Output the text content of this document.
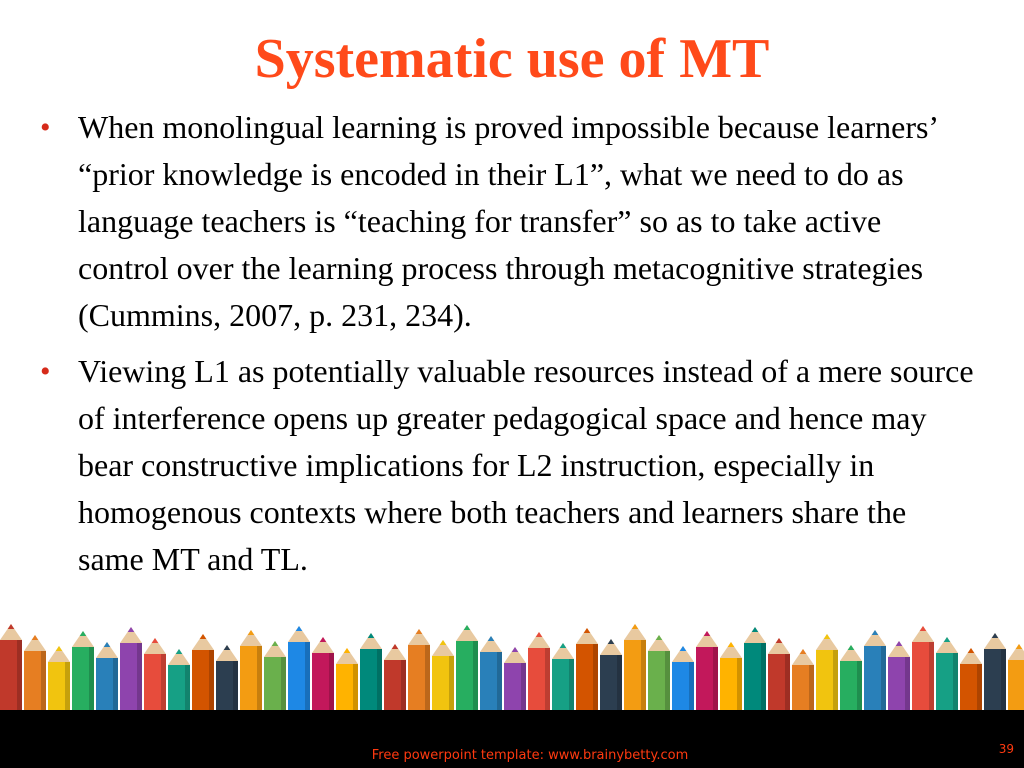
Systematic use of MT
• When monolingual learning is proved impossible because learners’ “prior knowledge is encoded in their L1”, what we need to do as language teachers is “teaching for transfer” so as to take active control over the learning process through metacognitive strategies (Cummins, 2007, p. 231, 234).
• Viewing L1 as potentially valuable resources instead of a mere source of interference opens up greater pedagogical space and hence may bear constructive implications for L2 instruction, especially in homogenous contexts where both teachers and learners share the same MT and TL.
Free powerpoint template: www.brainybetty.com	39
